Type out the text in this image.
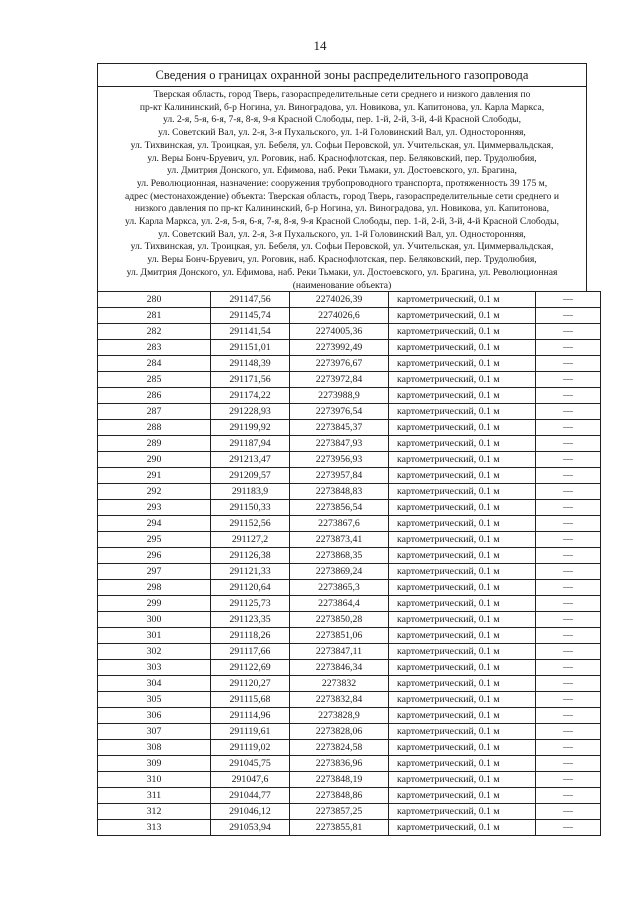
14
Сведения о границах охранной зоны распределительного газопровода

Тверская область, город Тверь, газораспределительные сети среднего и низкого давления по

пр-кт Калининский, б-р Ногина, ул. Виноградова, ул. Новикова, ул. Капитонова, ул. Карла Маркса,

ул. 2-я, 5-я, 6-я, 7-я, 8-я, 9-я Красной Слободы, пер. 1-й, 2-й, 3-й, 4-й Красной Слободы,

ул. Советский Вал, ул. 2-я, 3-я Пухальского, ул. 1-й Головинский Вал, ул. Односторонняя,

ул. Тихвинская, ул. Троицкая, ул. Бебеля, ул. Софьи Перовской, ул. Учительская, ул. Циммервальдская,

ул. Веры Бонч-Бруевич, ул. Роговик, наб. Краснофлотская, пер. Беляковский, пер. Трудолюбия,

ул. Дмитрия Донского, ул. Ефимова, наб. Реки Тьмаки, ул. Достоевского, ул. Брагина,

ул. Революционная, назначение: сооружения трубопроводного транспорта, протяженность 39 175 м,

адрес (местонахождение) объекта: Тверская область, город Тверь, газораспределительные сети среднего и

низкого давления по пр-кт Калининский, б-р Ногина, ул. Виноградова, ул. Новикова, ул. Капитонова,

ул. Карла Маркса, ул. 2-я, 5-я, 6-я, 7-я, 8-я, 9-я Красной Слободы, пер. 1-й, 2-й, 3-й, 4-й Красной Слободы,

ул. Советский Вал, ул. 2-я, 3-я Пухальского, ул. 1-й Головинский Вал, ул. Односторонняя,

ул. Тихвинская, ул. Троицкая, ул. Бебеля, ул. Софьи Перовской, ул. Учительская, ул. Циммервальдская,

ул. Веры Бонч-Бруевич, ул. Роговик, наб. Краснофлотская, пер. Беляковский, пер. Трудолюбия,

ул. Дмитрия Донского, ул. Ефимова, наб. Реки Тьмаки, ул. Достоевского, ул. Брагина, ул. Революционная

(наименование объекта)
280	291147,56	2274026,39	картометрический, 0.1 м	—
281	291145,74	2274026,6	картометрический, 0.1 м	—
282	291141,54	2274005,36	картометрический, 0.1 м	—
283	291151,01	2273992,49	картометрический, 0.1 м	—
284	291148,39	2273976,67	картометрический, 0.1 м	—
285	291171,56	2273972,84	картометрический, 0.1 м	—
286	291174,22	2273988,9	картометрический, 0.1 м	—
287	291228,93	2273976,54	картометрический, 0.1 м	—
288	291199,92	2273845,37	картометрический, 0.1 м	—
289	291187,94	2273847,93	картометрический, 0.1 м	—
290	291213,47	2273956,93	картометрический, 0.1 м	—
291	291209,57	2273957,84	картометрический, 0.1 м	—
292	291183,9	2273848,83	картометрический, 0.1 м	—
293	291150,33	2273856,54	картометрический, 0.1 м	—
294	291152,56	2273867,6	картометрический, 0.1 м	—
295	291127,2	2273873,41	картометрический, 0.1 м	—
296	291126,38	2273868,35	картометрический, 0.1 м	—
297	291121,33	2273869,24	картометрический, 0.1 м	—
298	291120,64	2273865,3	картометрический, 0.1 м	—
299	291125,73	2273864,4	картометрический, 0.1 м	—
300	291123,35	2273850,28	картометрический, 0.1 м	—
301	291118,26	2273851,06	картометрический, 0.1 м	—
302	291117,66	2273847,11	картометрический, 0.1 м	—
303	291122,69	2273846,34	картометрический, 0.1 м	—
304	291120,27	2273832	картометрический, 0.1 м	—
305	291115,68	2273832,84	картометрический, 0.1 м	—
306	291114,96	2273828,9	картометрический, 0.1 м	—
307	291119,61	2273828,06	картометрический, 0.1 м	—
308	291119,02	2273824,58	картометрический, 0.1 м	—
309	291045,75	2273836,96	картометрический, 0.1 м	—
310	291047,6	2273848,19	картометрический, 0.1 м	—
311	291044,77	2273848,86	картометрический, 0.1 м	—
312	291046,12	2273857,25	картометрический, 0.1 м	—
313	291053,94	2273855,81	картометрический, 0.1 м	—
